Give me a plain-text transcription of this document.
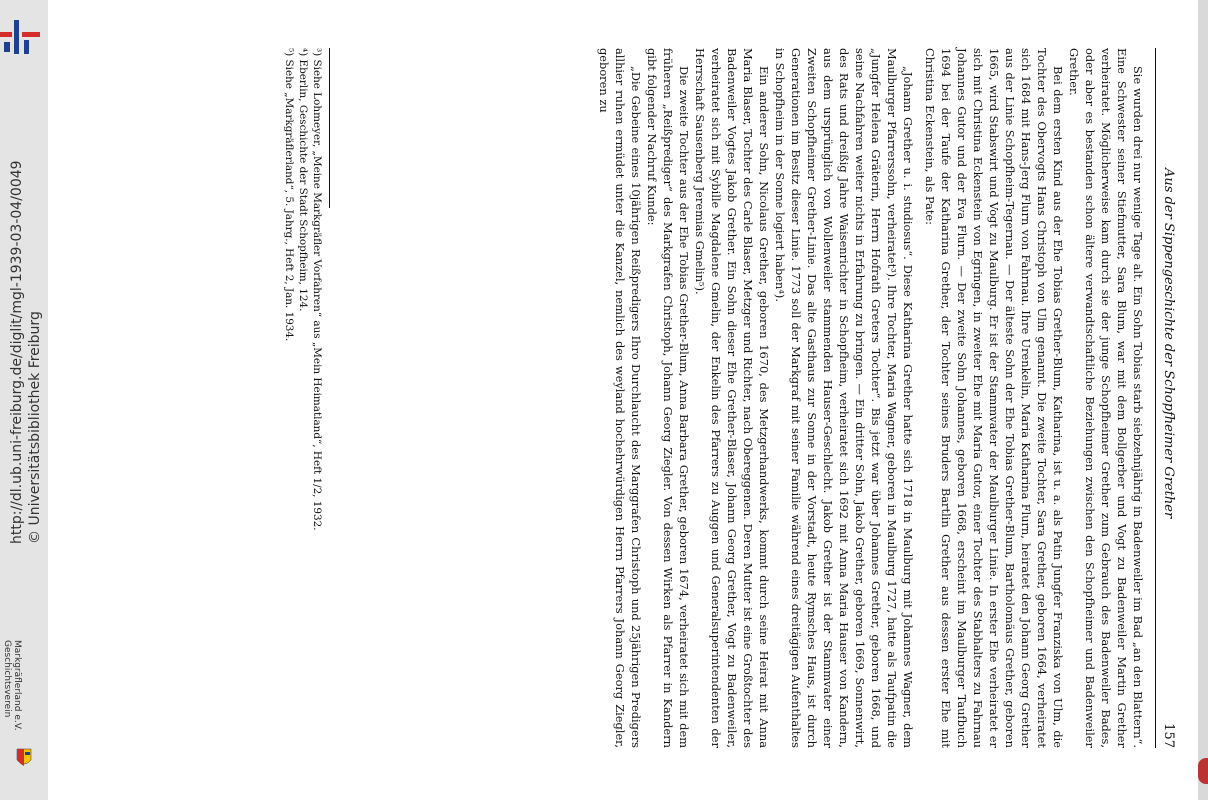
http://dl.ub.uni-freiburg.de/diglit/mgl-1939-03-04/0049 © Universitätsbibliothek Freiburg
Geschichtsverein Markgräflerland e.V.
Aus der Sippengeschichte der Schopfheimer Grether
157

Sie wurden drei nur wenige Tage alt. Ein Sohn Tobias starb siebzehnjährig in Badenweiler im Bad „an den Blattern“. Eine Schwester seiner Stiefmutter, Sara Blum, war mit dem Bollgerber und Vogt zu Badenweiler Martin Grether verheiratet. Möglicherweise kam durch sie der junge Schopfheimer Grether zum Gebrauch des Badenweiler Bades, oder aber es bestanden schon ältere verwandtschaftliche Beziehungen zwischen den Schopfheimer und Badenweiler Grether.

Bei dem ersten Kind aus der Ehe Tobias Grether-Blum, Katharina, ist u. a. als Patin Jungfer Franziska von Ulm, die Tochter des Obervogts Hans Christoph von Ulm genannt. Die zweite Tochter, Sara Grether, geboren 1664, verheiratet sich 1684 mit Hans-Jerg Flurn von Fahrnau. Ihre Urenkelin, Maria Katharina Flurn, heiratet den Johann Georg Grether aus der Linie Schopfheim-Tegernau. — Der älteste Sohn der Ehe Tobias Grether-Blum, Bartholomäus Grether, geboren 1665, wird Stabswirt und Vogt zu Maulburg. Er ist der Stammvater der Maulburger Linie. In erster Ehe verheiratet er sich mit Christina Eckenstein von Egringen, in zweiter Ehe mit Maria Gutor, einer Tochter des Stabhalters zu Fahrnau Johannes Gutor und der Eva Flurn. — Der zweite Sohn Johannes, geboren 1668, erscheint im Maulburger Taufbuch 1694 bei der Taufe der Katharina Grether, der Tochter seines Bruders Bartlin Grether aus dessen erster Ehe mit Christina Eckenstein, als Pate:

„Johann Grether u. i. studiosus“. Diese Katharina Grether hatte sich 1718 in Maulburg mit Johannes Wagner, dem Maulburger Pfarrerssohn, verheiratet³). Ihre Tochter, Maria Wagner, geboren in Maulburg 1727, hatte als Taufpatin die „Jungfer Helena Gräterin, Herrn Hofrath Greters Tochter“. Bis jetzt war über Johannes Grether, geboren 1668, und seine Nachfahren weiter nichts in Erfahrung zu bringen. — Ein dritter Sohn, Jakob Grether, geboren 1669, Sonnenwirt, des Rats und dreißig Jahre Waisenrichter in Schopfheim, verheiratet sich 1692 mit Anna Maria Hauser von Kandern, aus dem ursprünglich von Wollenweiler stammenden Hauser-Geschlecht. Jakob Grether ist der Stammvater einer Zweiten Schopfheimer Grether-Linie. Das alte Gasthaus zur Sonne in der Vorstadt, heute Rymsches Haus, ist durch Generationen im Besitz dieser Linie. 1773 soll der Markgraf mit seiner Familie während eines dreitägigen Aufenthaltes in Schopfheim in der Sonne logiert haben⁴).

Ein anderer Sohn, Nicolaus Grether, geboren 1670, des Metzgerhandwerks, kommt durch seine Heirat mit Anna Maria Blaser, Tochter des Carle Blaser, Metzger und Richter, nach Obereggenen. Deren Mutter ist eine Großtochter des Badenweiler Vogtes Jakob Grether. Ein Sohn dieser Ehe Grether-Blaser, Johann Georg Grether, Vogt zu Badenweiler, verheiratet sich mit Sybille Magdalene Gmelin, der Enkelin des Pfarrers zu Auggen und Generalsuperintendenten der Herrschaft Sausenberg Jeremias Gmelin⁵).

Die zweite Tochter aus der Ehe Tobias Grether-Blum, Anna Barbara Grether, geboren 1674, verheiratet sich mit dem früheren „Reißprediger“ des Markgrafen Christoph, Johann Georg Ziegler. Von dessen Wirken als Pfarrer in Kandern gibt folgender Nachruf Kunde:

„Die Gebeine eines 10jährigen Reißpredigers Ihro Durchlaucht des Marggrafen Christoph und 25jährigen Predigers allhier ruhen ermüdet unter die Kanzel, nemlich des weyland hochehrwürdigen Herrn Pfarrers Johann Georg Ziegler, geboren zu

³) Siehe Lohmeyer, „Meine Markgräfler Vorfahren“ aus „Mein Heimatland“, Heft 1/2, 1932.

⁴) Eberlin, Geschichte der Stadt Schopfheim, 124.

⁵) Siehe „Markgräflerland“, 5. Jahrg., Heft 2, Jan. 1934.
